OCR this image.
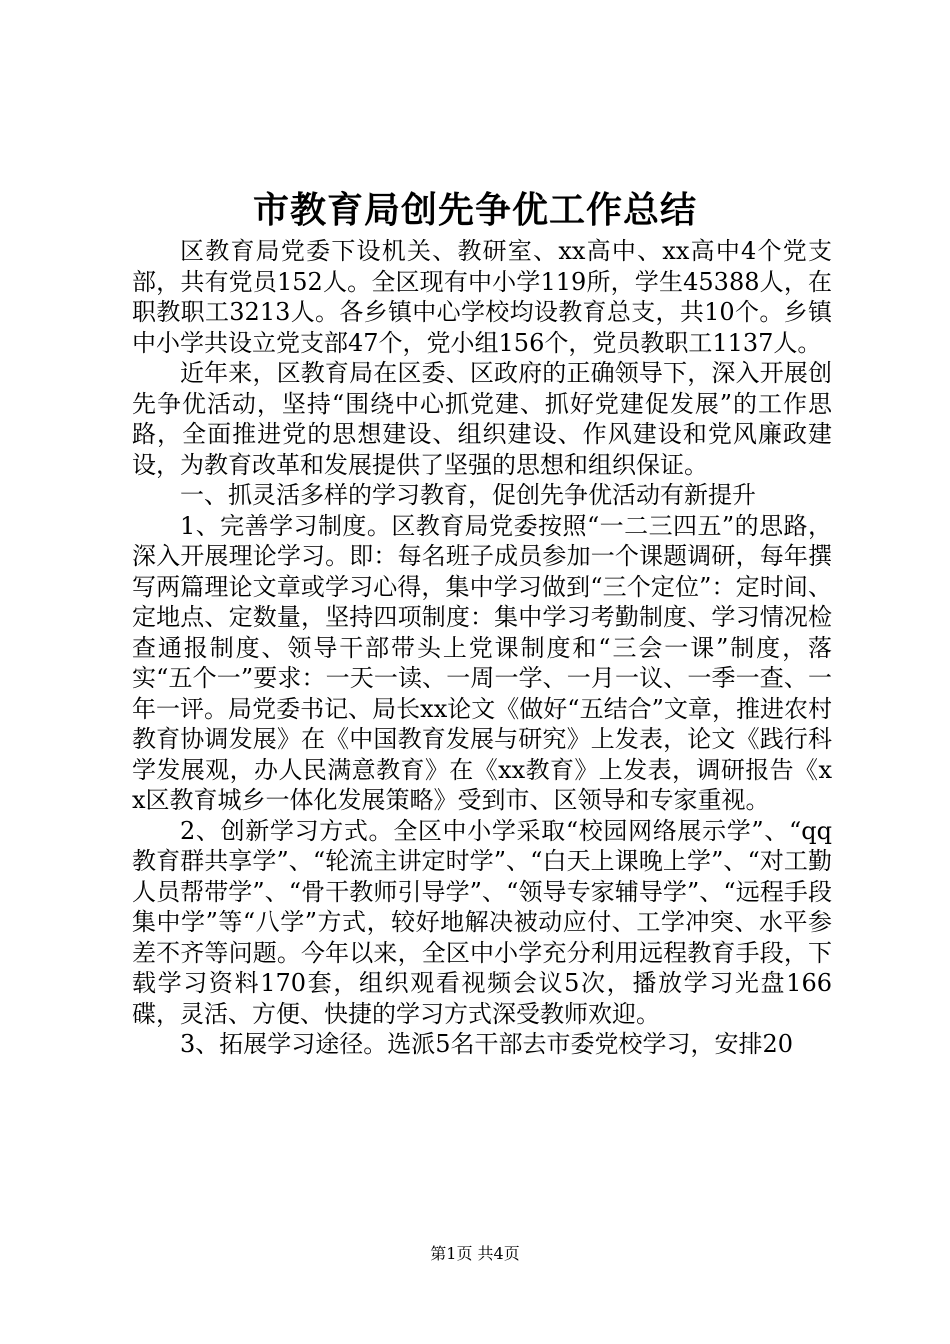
市教育局创先争优工作总结

区教育局党委下设机关、教研室、xx高中、xx高中4个党支部，共有党员152人。全区现有中小学119所，学生45388人，在职教职工3213人。各乡镇中心学校均设教育总支，共10个。乡镇中小学共设立党支部47个，党小组156个，党员教职工1137人。

近年来，区教育局在区委、区政府的正确领导下，深入开展创先争优活动，坚持“围绕中心抓党建、抓好党建促发展”的工作思路，全面推进党的思想建设、组织建设、作风建设和党风廉政建设，为教育改革和发展提供了坚强的思想和组织保证。

一、抓灵活多样的学习教育，促创先争优活动有新提升

1、完善学习制度。区教育局党委按照“一二三四五”的思路，深入开展理论学习。即：每名班子成员参加一个课题调研，每年撰写两篇理论文章或学习心得，集中学习做到“三个定位”：定时间、定地点、定数量，坚持四项制度：集中学习考勤制度、学习情况检查通报制度、领导干部带头上党课制度和“三会一课”制度，落实“五个一”要求：一天一读、一周一学、一月一议、一季一查、一年一评。局党委书记、局长xx论文《做好“五结合”文章，推进农村教育协调发展》在《中国教育发展与研究》上发表，论文《践行科学发展观，办人民满意教育》在《xx教育》上发表，调研报告《xx区教育城乡一体化发展策略》受到市、区领导和专家重视。

2、创新学习方式。全区中小学采取“校园网络展示学”、“qq教育群共享学”、“轮流主讲定时学”、“白天上课晚上学”、“对工勤人员帮带学”、“骨干教师引导学”、“领导专家辅导学”、“远程手段集中学”等“八学”方式，较好地解决被动应付、工学冲突、水平参差不齐等问题。今年以来，全区中小学充分利用远程教育手段，下载学习资料170套，组织观看视频会议5次，播放学习光盘166碟，灵活、方便、快捷的学习方式深受教师欢迎。

3、拓展学习途径。选派5名干部去市委党校学习，安排20

第1页 共4页
